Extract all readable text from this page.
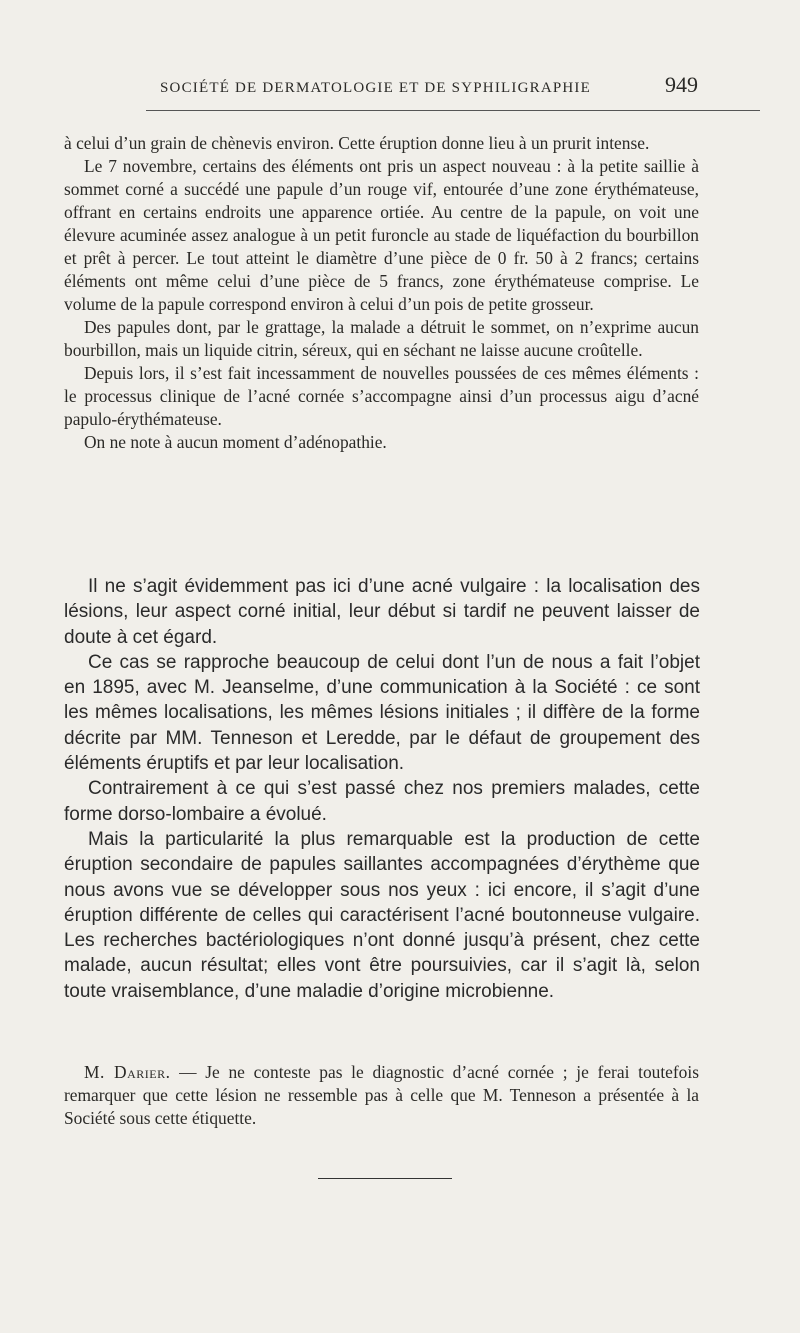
SOCIÉTÉ DE DERMATOLOGIE ET DE SYPHILIGRAPHIE	949

à celui d’un grain de chènevis environ. Cette éruption donne lieu à un prurit intense.

Le 7 novembre, certains des éléments ont pris un aspect nouveau : à la petite saillie à sommet corné a succédé une papule d’un rouge vif, entourée d’une zone érythémateuse, offrant en certains endroits une apparence ortiée. Au centre de la papule, on voit une élevure acuminée assez analogue à un petit furoncle au stade de liquéfaction du bourbillon et prêt à percer. Le tout atteint le diamètre d’une pièce de 0 fr. 50 à 2 francs; certains éléments ont même celui d’une pièce de 5 francs, zone érythémateuse comprise. Le volume de la papule correspond environ à celui d’un pois de petite grosseur.

Des papules dont, par le grattage, la malade a détruit le sommet, on n’exprime aucun bourbillon, mais un liquide citrin, séreux, qui en séchant ne laisse aucune croûtelle.

Depuis lors, il s’est fait incessamment de nouvelles poussées de ces mêmes éléments : le processus clinique de l’acné cornée s’accompagne ainsi d’un processus aigu d’acné papulo-érythémateuse.

On ne note à aucun moment d’adénopathie.

Il ne s’agit évidemment pas ici d’une acné vulgaire : la localisation des lésions, leur aspect corné initial, leur début si tardif ne peuvent laisser de doute à cet égard.

Ce cas se rapproche beaucoup de celui dont l’un de nous a fait l’objet en 1895, avec M. Jeanselme, d’une communication à la Société : ce sont les mêmes localisations, les mêmes lésions initiales ; il diffère de la forme décrite par MM. Tenneson et Leredde, par le défaut de groupement des éléments éruptifs et par leur localisation.

Contrairement à ce qui s’est passé chez nos premiers malades, cette forme dorso-lombaire a évolué.

Mais la particularité la plus remarquable est la production de cette éruption secondaire de papules saillantes accompagnées d’érythème que nous avons vue se développer sous nos yeux : ici encore, il s’agit d’une éruption différente de celles qui caractérisent l’acné boutonneuse vulgaire. Les recherches bactériologiques n’ont donné jusqu’à présent, chez cette malade, aucun résultat; elles vont être poursuivies, car il s’agit là, selon toute vraisemblance, d’une maladie d’origine microbienne.

M. Darier. — Je ne conteste pas le diagnostic d’acné cornée ; je ferai toutefois remarquer que cette lésion ne ressemble pas à celle que M. Tenneson a présentée à la Société sous cette étiquette.
